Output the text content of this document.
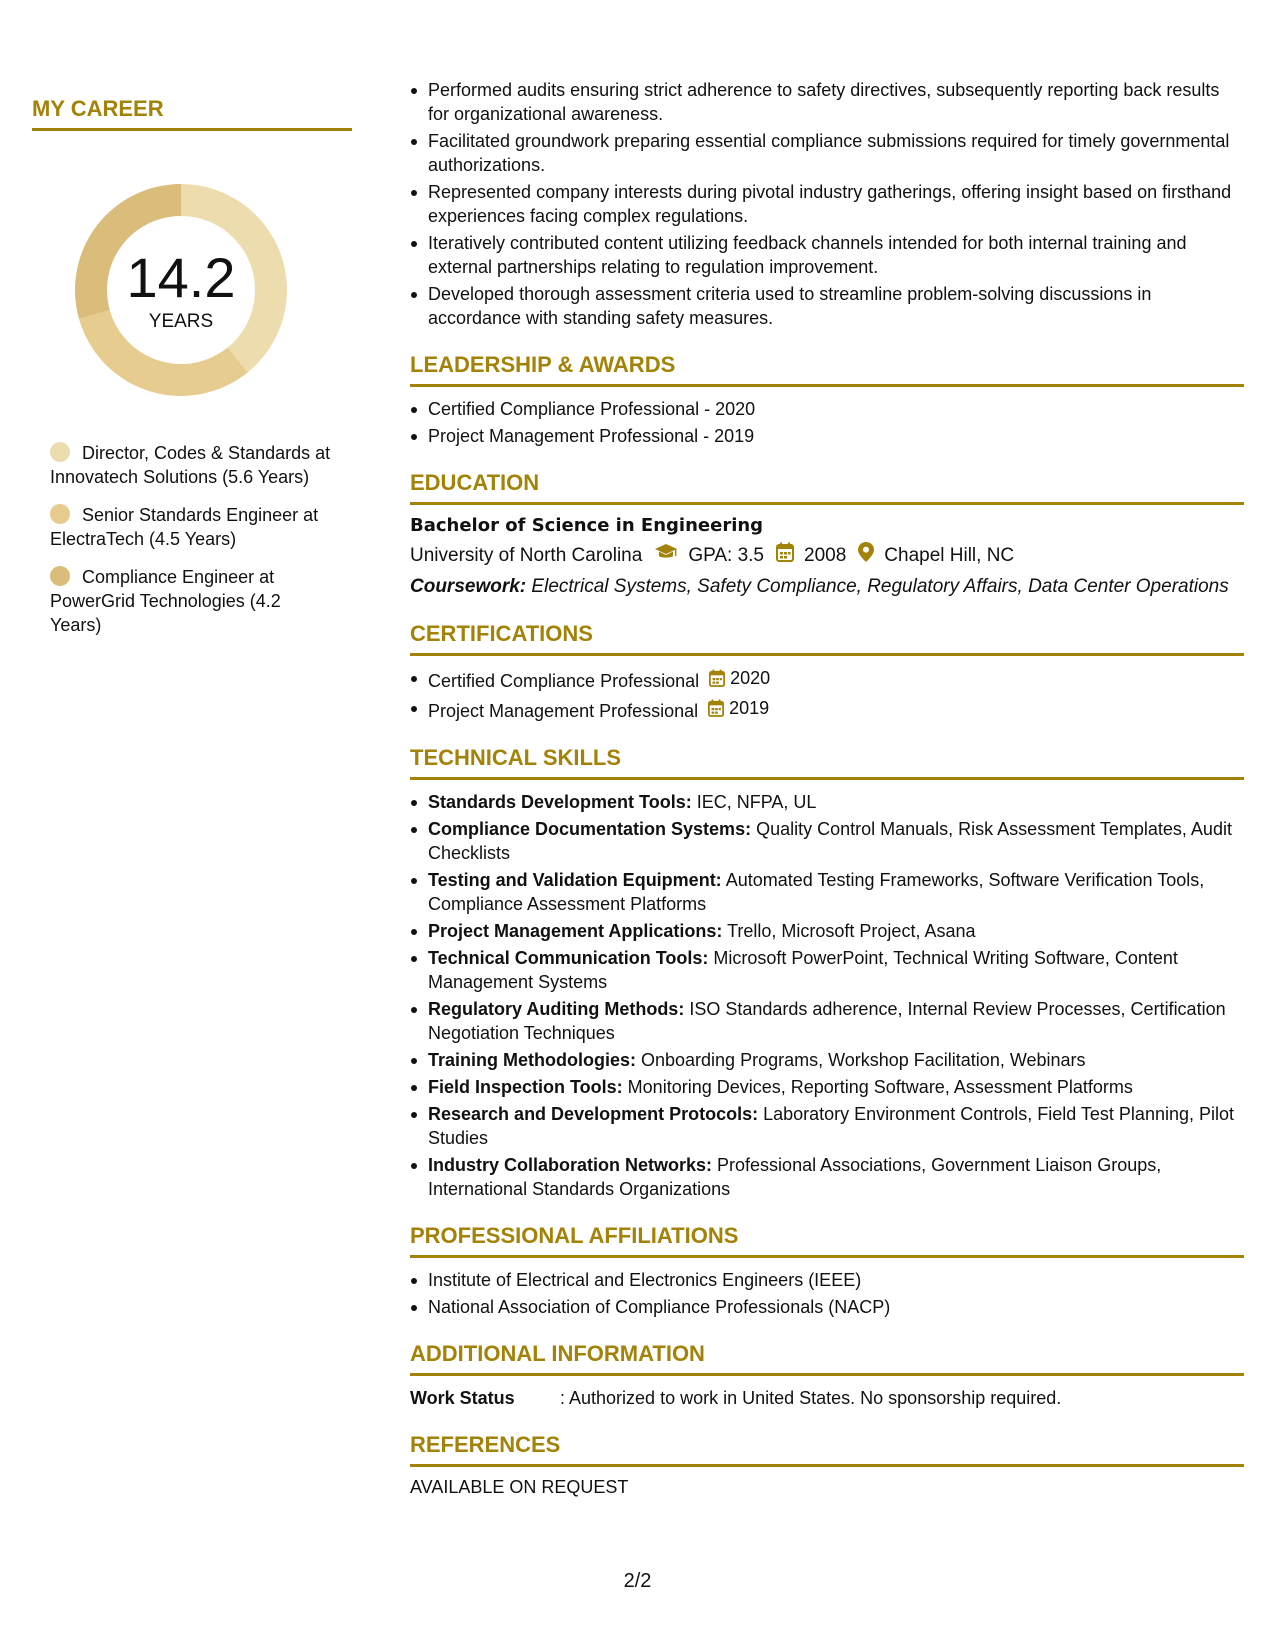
MY CAREER
14.2
YEARS
Director, Codes & Standards at Innovatech Solutions (5.6 Years)
Senior Standards Engineer at ElectraTech (4.5 Years)
Compliance Engineer at PowerGrid Technologies (4.2 Years)
Performed audits ensuring strict adherence to safety directives, subsequently reporting back results for organizational awareness.
Facilitated groundwork preparing essential compliance submissions required for timely governmental authorizations.
Represented company interests during pivotal industry gatherings, offering insight based on firsthand experiences facing complex regulations.
Iteratively contributed content utilizing feedback channels intended for both internal training and external partnerships relating to regulation improvement.
Developed thorough assessment criteria used to streamline problem-solving discussions in accordance with standing safety measures.
LEADERSHIP & AWARDS
Certified Compliance Professional - 2020
Project Management Professional - 2019
EDUCATION
Bachelor of Science in Engineering
University of North Carolina GPA: 3.5 2008 Chapel Hill, NC
Coursework: Electrical Systems, Safety Compliance, Regulatory Affairs, Data Center Operations
CERTIFICATIONS
Certified Compliance Professional 2020
Project Management Professional 2019
TECHNICAL SKILLS
Standards Development Tools: IEC, NFPA, UL
Compliance Documentation Systems: Quality Control Manuals, Risk Assessment Templates, Audit Checklists
Testing and Validation Equipment: Automated Testing Frameworks, Software Verification Tools, Compliance Assessment Platforms
Project Management Applications: Trello, Microsoft Project, Asana
Technical Communication Tools: Microsoft PowerPoint, Technical Writing Software, Content Management Systems
Regulatory Auditing Methods: ISO Standards adherence, Internal Review Processes, Certification Negotiation Techniques
Training Methodologies: Onboarding Programs, Workshop Facilitation, Webinars
Field Inspection Tools: Monitoring Devices, Reporting Software, Assessment Platforms
Research and Development Protocols: Laboratory Environment Controls, Field Test Planning, Pilot Studies
Industry Collaboration Networks: Professional Associations, Government Liaison Groups, International Standards Organizations
PROFESSIONAL AFFILIATIONS
Institute of Electrical and Electronics Engineers (IEEE)
National Association of Compliance Professionals (NACP)
ADDITIONAL INFORMATION
Work Status	: Authorized to work in United States. No sponsorship required.
REFERENCES
AVAILABLE ON REQUEST
2/2
